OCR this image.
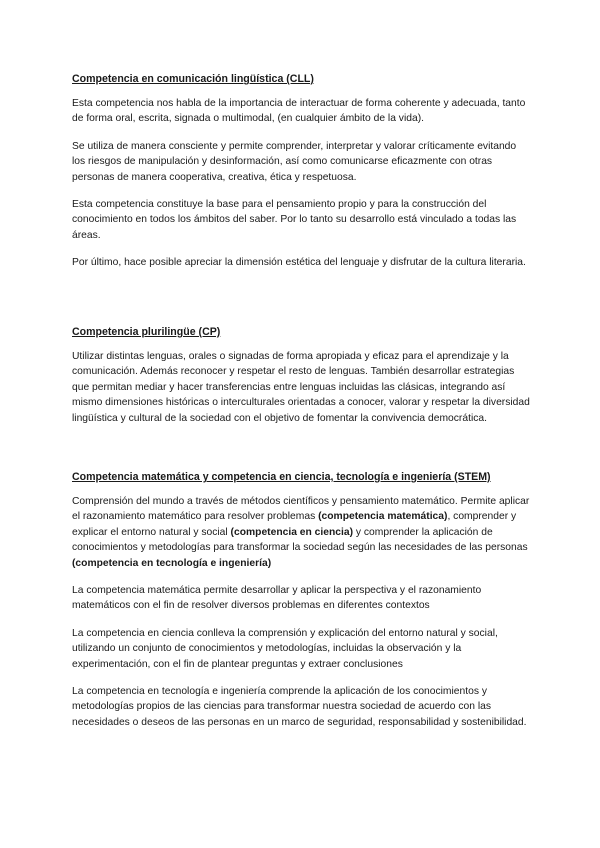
Competencia en comunicación lingüística (CLL)

Esta competencia nos habla de la importancia de interactuar de forma coherente y adecuada, tanto de forma oral, escrita, signada o multimodal, (en cualquier ámbito de la vida).

Se utiliza de manera consciente y permite comprender, interpretar y valorar críticamente evitando los riesgos de manipulación y desinformación, así como comunicarse eficazmente con otras personas de manera cooperativa, creativa, ética y respetuosa.

Esta competencia constituye la base para el pensamiento propio y para la construcción del conocimiento en todos los ámbitos del saber. Por lo tanto su desarrollo está vinculado a todas las áreas.

Por último, hace posible apreciar la dimensión estética del lenguaje y disfrutar de la cultura literaria.

Competencia plurilingüe (CP)

Utilizar distintas lenguas, orales o signadas de forma apropiada y eficaz para el aprendizaje y la comunicación. Además reconocer y respetar el resto de lenguas. También desarrollar estrategias que permitan mediar y hacer transferencias entre lenguas incluidas las clásicas, integrando así mismo dimensiones históricas o interculturales orientadas a conocer, valorar y respetar la diversidad lingüística y cultural de la sociedad con el objetivo de fomentar la convivencia democrática.

Competencia matemática y competencia en ciencia, tecnología e ingeniería (STEM)

Comprensión del mundo a través de métodos científicos y pensamiento matemático. Permite aplicar el razonamiento matemático para resolver problemas (competencia matemática), comprender y explicar el entorno natural y social (competencia en ciencia) y comprender la aplicación de conocimientos y metodologías para transformar la sociedad según las necesidades de las personas (competencia en tecnología e ingeniería)

La competencia matemática permite desarrollar y aplicar la perspectiva y el razonamiento matemáticos con el fin de resolver diversos problemas en diferentes contextos

La competencia en ciencia conlleva la comprensión y explicación del entorno natural y social, utilizando un conjunto de conocimientos y metodologías, incluidas la observación y la experimentación, con el fin de plantear preguntas y extraer conclusiones

La competencia en tecnología e ingeniería comprende la aplicación de los conocimientos y metodologías propios de las ciencias para transformar nuestra sociedad de acuerdo con las necesidades o deseos de las personas en un marco de seguridad, responsabilidad y sostenibilidad.
